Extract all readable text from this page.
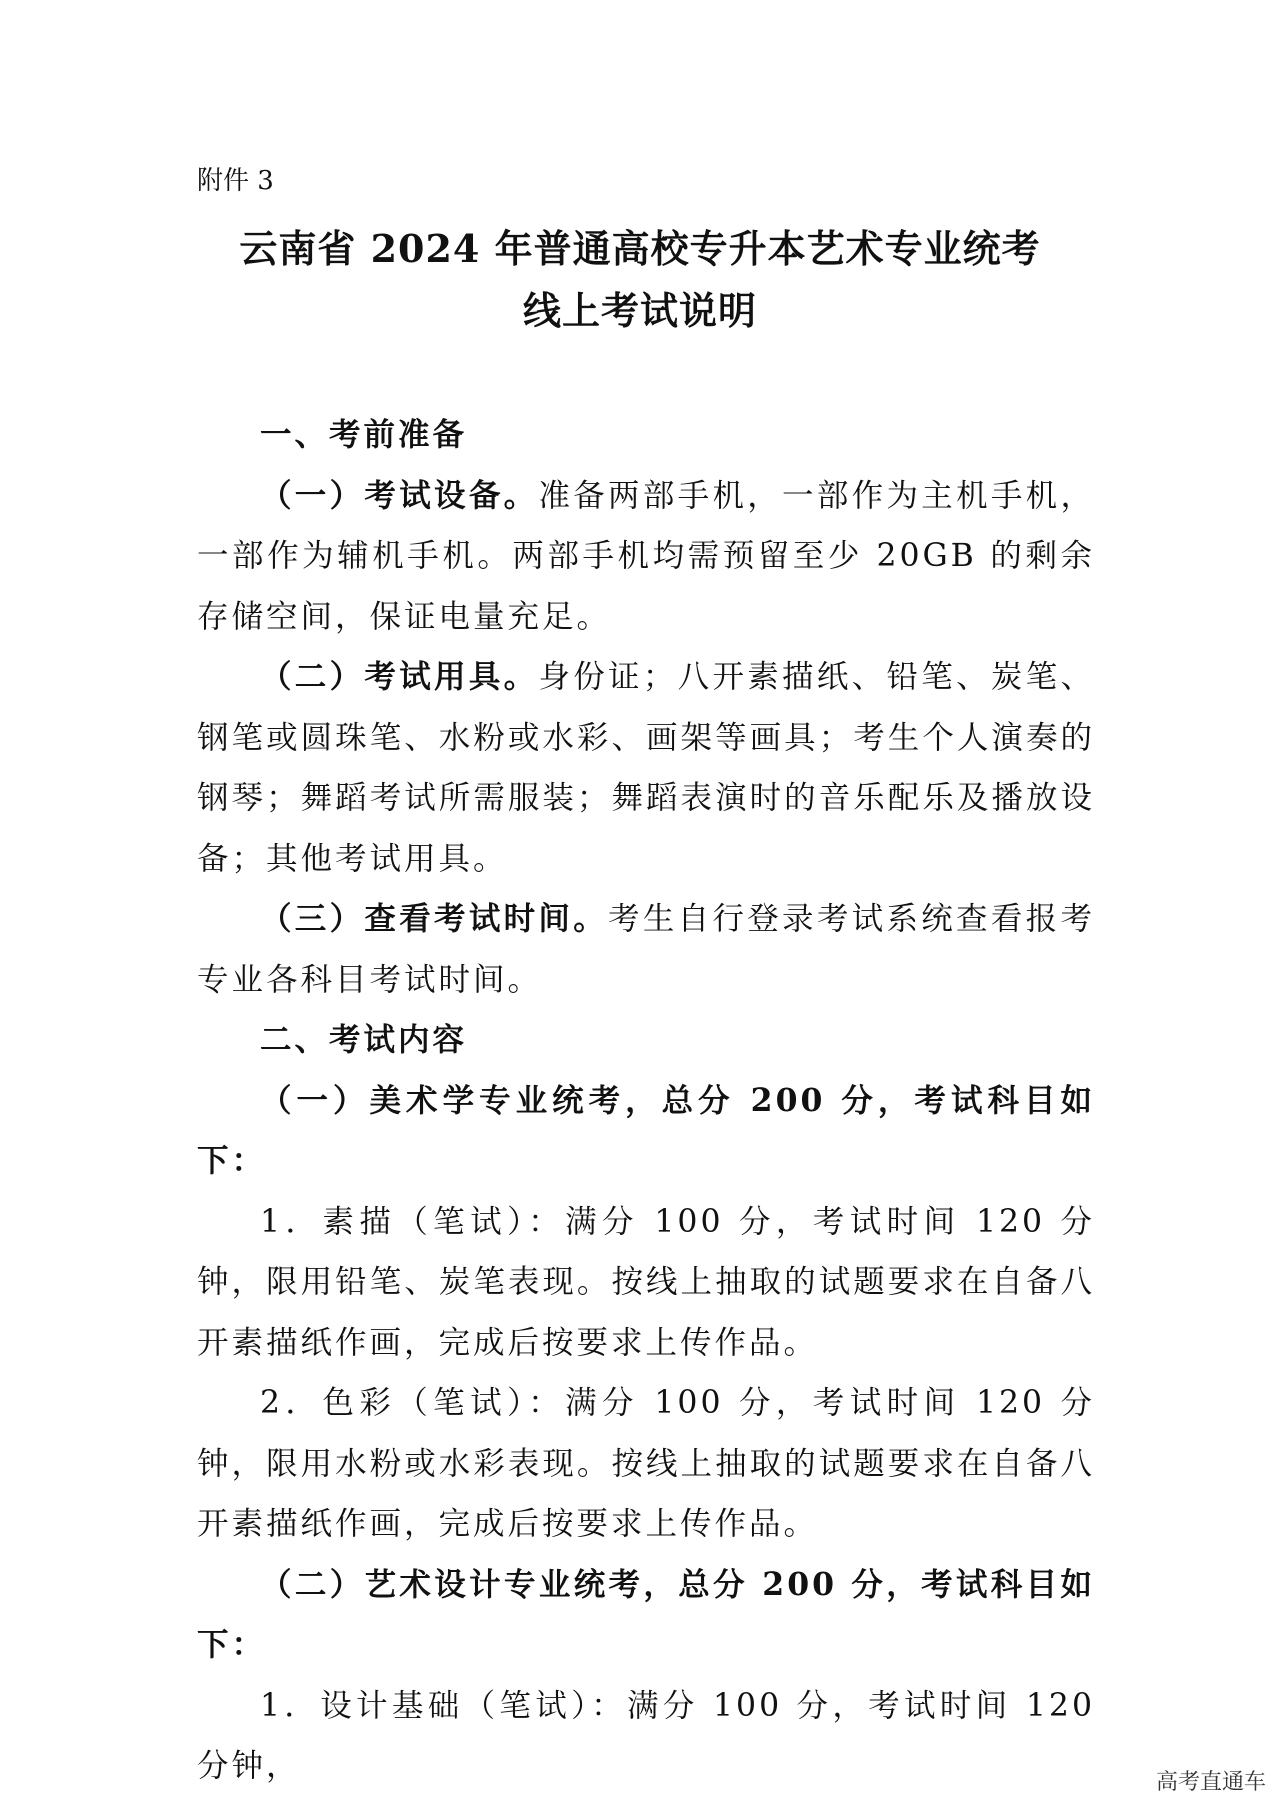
附件 3
云南省 2024 年普通高校专升本艺术专业统考
线上考试说明

一、考前准备

（一）考试设备。准备两部手机，一部作为主机手机，一部作为辅机手机。两部手机均需预留至少 20GB 的剩余存储空间，保证电量充足。

（二）考试用具。身份证；八开素描纸、铅笔、炭笔、钢笔或圆珠笔、水粉或水彩、画架等画具；考生个人演奏的钢琴；舞蹈考试所需服装；舞蹈表演时的音乐配乐及播放设备；其他考试用具。

（三）查看考试时间。考生自行登录考试系统查看报考专业各科目考试时间。

二、考试内容

（一）美术学专业统考，总分 200 分，考试科目如下：

1．素描（笔试）：满分 100 分，考试时间 120 分钟，限用铅笔、炭笔表现。按线上抽取的试题要求在自备八开素描纸作画，完成后按要求上传作品。

2．色彩（笔试）：满分 100 分，考试时间 120 分钟，限用水粉或水彩表现。按线上抽取的试题要求在自备八开素描纸作画，完成后按要求上传作品。

（二）艺术设计专业统考，总分 200 分，考试科目如下：

1．设计基础（笔试）：满分 100 分，考试时间 120 分钟，	高考直通车
